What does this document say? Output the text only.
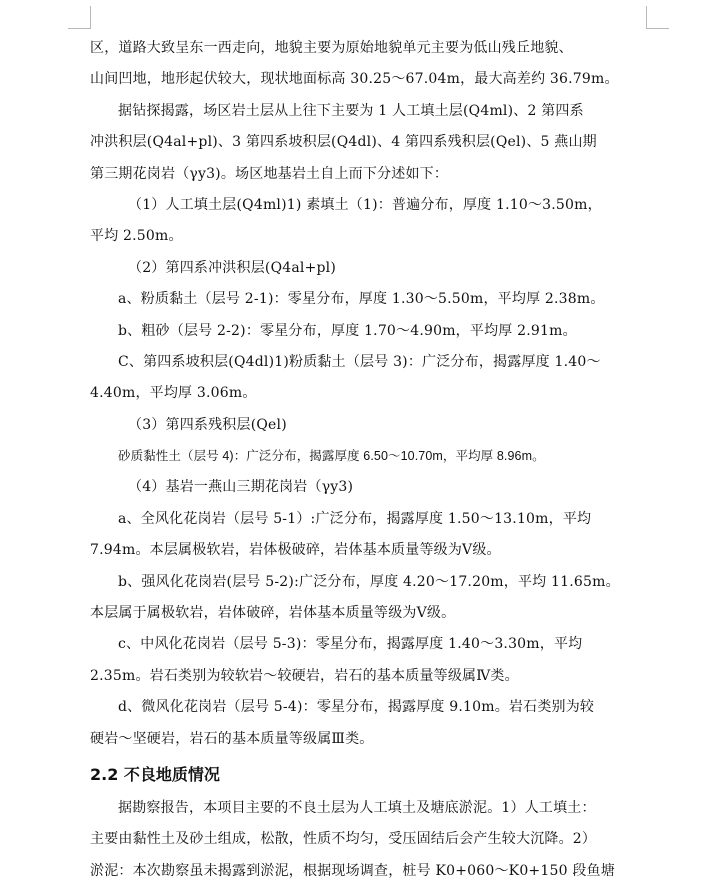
区，道路大致呈东一西走向，地貌主要为原始地貌单元主要为低山残丘地貌、
山间凹地，地形起伏较大，现状地面标高 30.25～67.04m，最大高差约 36.79m。
据钻探揭露，场区岩土层从上往下主要为 1 人工填土层(Q4ml)、2 第四系
冲洪积层(Q4al+pl)、3 第四系坡积层(Q4dl)、4 第四系残积层(Qel)、5 燕山期
第三期花岗岩（γy3)。场区地基岩土自上而下分述如下：
（1）人工填土层(Q4ml)1) 素填土（1)：普遍分布，厚度 1.10～3.50m，
平均 2.50m。
（2）第四系冲洪积层(Q4al+pl)
a、粉质黏土（层号 2-1)：零星分布，厚度 1.30～5.50m，平均厚 2.38m。
b、粗砂（层号 2-2)：零星分布，厚度 1.70～4.90m，平均厚 2.91m。
C、第四系坡积层(Q4dl)1)粉质黏土（层号 3)：广泛分布，揭露厚度 1.40～
4.40m，平均厚 3.06m。
（3）第四系残积层(Qel)
砂质黏性土（层号 4)：广泛分布，揭露厚度 6.50～10.70m，平均厚 8.96m。
（4）基岩一燕山三期花岗岩（γy3)
a、全风化花岗岩（层号 5-1）:广泛分布，揭露厚度 1.50～13.10m，平均
7.94m。本层属极软岩，岩体极破碎，岩体基本质量等级为Ⅴ级。
b、强风化花岗岩(层号 5-2):广泛分布，厚度 4.20～17.20m，平均 11.65m。
本层属于属极软岩，岩体破碎，岩体基本质量等级为Ⅴ级。
c、中风化花岗岩（层号 5-3)：零星分布，揭露厚度 1.40～3.30m，平均
2.35m。岩石类别为较软岩～较硬岩，岩石的基本质量等级属Ⅳ类。
d、微风化花岗岩（层号 5-4)：零星分布，揭露厚度 9.10m。岩石类别为较
硬岩～坚硬岩，岩石的基本质量等级属Ⅲ类。
2.2 不良地质情况
据勘察报告，本项目主要的不良土层为人工填土及塘底淤泥。1）人工填土：
主要由黏性土及砂土组成，松散，性质不均匀，受压固结后会产生较大沉降。2）
淤泥：本次勘察虽未揭露到淤泥，根据现场调查，桩号 K0+060～K0+150 段鱼塘
